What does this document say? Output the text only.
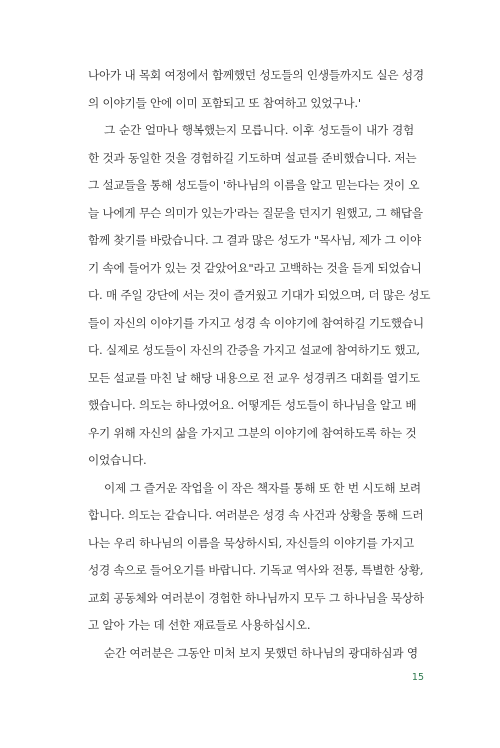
나아가 내 목회 여정에서 함께했던 성도들의 인생들까지도 실은 성경
의 이야기들 안에 이미 포함되고 또 참여하고 있었구나.'
그 순간 얼마나 행복했는지 모릅니다. 이후 성도들이 내가 경험
한 것과 동일한 것을 경험하길 기도하며 설교를 준비했습니다. 저는
그 설교들을 통해 성도들이 '하나님의 이름을 알고 믿는다는 것이 오
늘 나에게 무슨 의미가 있는가'라는 질문을 던지기 원했고, 그 해답을
함께 찾기를 바랐습니다. 그 결과 많은 성도가 "목사님, 제가 그 이야
기 속에 들어가 있는 것 같았어요"라고 고백하는 것을 듣게 되었습니
다. 매 주일 강단에 서는 것이 즐거웠고 기대가 되었으며, 더 많은 성도
들이 자신의 이야기를 가지고 성경 속 이야기에 참여하길 기도했습니
다. 실제로 성도들이 자신의 간증을 가지고 설교에 참여하기도 했고,
모든 설교를 마친 날 해당 내용으로 전 교우 성경퀴즈 대회를 열기도
했습니다. 의도는 하나였어요. 어떻게든 성도들이 하나님을 알고 배
우기 위해 자신의 삶을 가지고 그분의 이야기에 참여하도록 하는 것
이었습니다.
이제 그 즐거운 작업을 이 작은 책자를 통해 또 한 번 시도해 보려
합니다. 의도는 같습니다. 여러분은 성경 속 사건과 상황을 통해 드러
나는 우리 하나님의 이름을 묵상하시되, 자신들의 이야기를 가지고
성경 속으로 들어오기를 바랍니다. 기독교 역사와 전통, 특별한 상황,
교회 공동체와 여러분이 경험한 하나님까지 모두 그 하나님을 묵상하
고 알아 가는 데 선한 재료들로 사용하십시오.
순간 여러분은 그동안 미처 보지 못했던 하나님의 광대하심과 영
15
